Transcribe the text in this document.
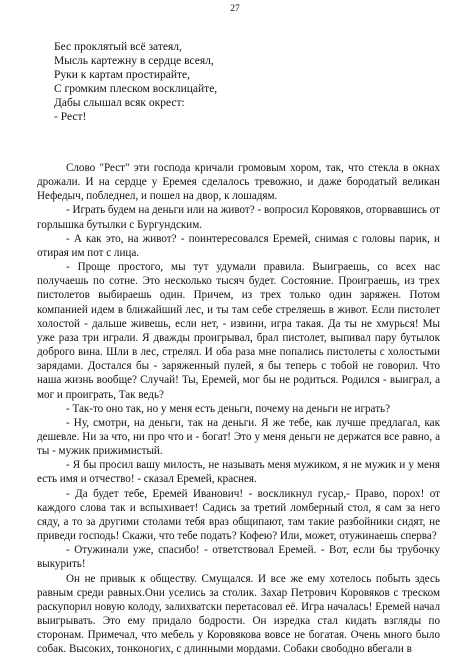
27
Бес проклятый всё затеял,
Мысль картежну в сердце всеял,
Руки к картам простирайте,
С громким плеском восклицайте,
Дабы слышал всяк окрест:
- Рест!

Слово "Рест" эти господа кричали громовым хором, так, что стекла в окнах дрожали. И на сердце у Еремея сделалось тревожно, и даже бородатый великан Нефедыч, побледнел, и пошел на двор, к лошадям.

- Играть будем на деньги или на живот? - вопросил Коровяков, оторвавшись от горлышка бутылки с Бургундским.

- А как это, на живот? - поинтересовался Еремей, снимая с головы парик, и отирая им пот с лица.

- Проще простого, мы тут удумали правила. Выиграешь, со всех нас получаешь по сотне. Это несколько тысяч будет. Состояние. Проиграешь, из трех пистолетов выбираешь один. Причем, из трех только один заряжен. Потом компанией идем в ближайший лес, и ты там себе стреляешь в живот. Если пистолет холостой - дальше живешь, если нет, - извини, игра такая. Да ты не хмурься! Мы уже раза три играли. Я дважды проигрывал, брал пистолет, выпивал пару бутылок доброго вина. Шли в лес, стрелял. И оба раза мне попались пистолеты с холостыми зарядами. Достался бы - заряженный пулей, я бы теперь с тобой не говорил. Что наша жизнь вообще? Случай! Ты, Еремей, мог бы не родиться. Родился - выиграл, а мог и проиграть, Так ведь?

- Так-то оно так, но у меня есть деньги, почему на деньги не играть?

- Ну, смотри, на деньги, так на деньги. Я же тебе, как лучше предлагал, как дешевле. Ни за что, ни про что и - богат! Это у меня деньги не держатся все равно, а ты - мужик прижимистый.

- Я бы просил вашу милость, не называть меня мужиком, я не мужик и у меня есть имя и отчество! - сказал Еремей, краснея.

- Да будет тебе, Еремей Иванович! - воскликнул гусар,- Право, порох! от каждого слова так и вспыхивает! Садись за третий ломберный стол, я сам за него сяду, а то за другими столами тебя враз общипают, там такие разбойники сидят, не приведи господь! Скажи, что тебе подать? Кофею? Или, может, отужинаешь сперва?

- Отужинали уже, спасибо! - ответствовал Еремей. - Вот, если бы трубочку выкурить!

Он не привык к обществу. Смущался. И все же ему хотелось побыть здесь равным среди равных.Они уселись за столик. Захар Петрович Коровяков с треском раскупорил новую колоду, залихватски перетасовал её. Игра началась! Еремей начал выигрывать. Это ему придало бодрости. Он изредка стал кидать взгляды по сторонам. Примечал, что мебель у Коровякова вовсе не богатая. Очень много было собак. Высоких, тонконогих, с длинными мордами. Собаки свободно вбегали в
